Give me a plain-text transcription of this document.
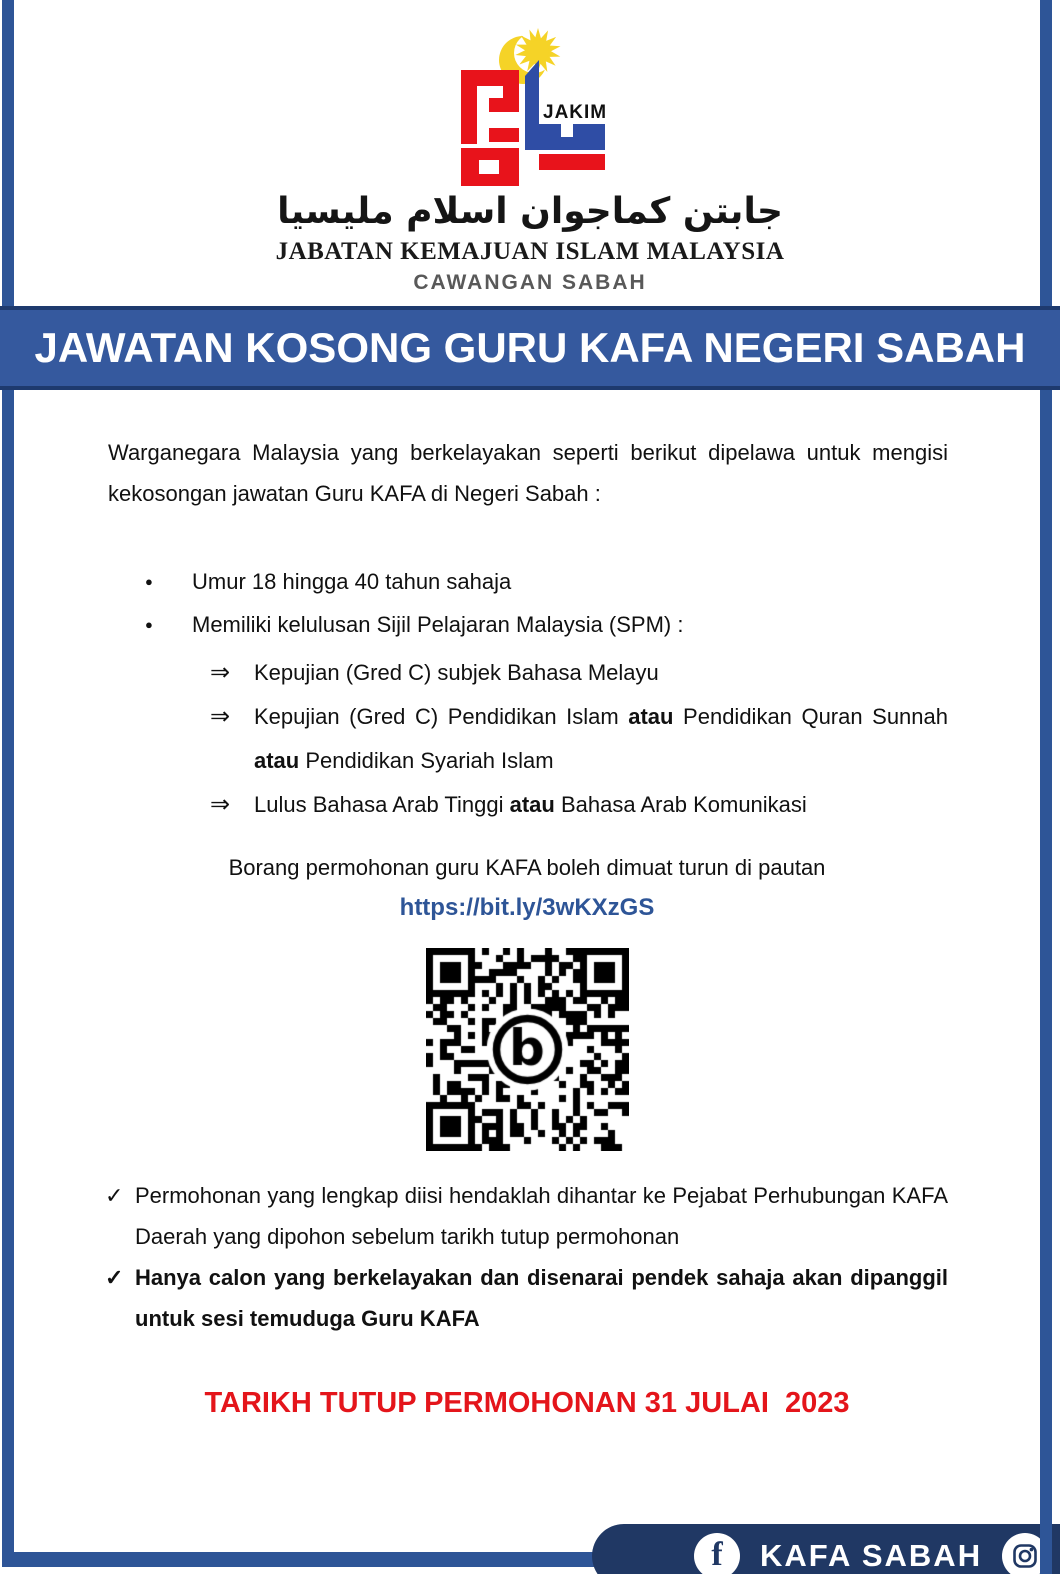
JAKIM
جابتن كماجوان اسلام مليسيا
JABATAN KEMAJUAN ISLAM MALAYSIA
CAWANGAN SABAH
JAWATAN KOSONG GURU KAFA NEGERI SABAH

Warganegara Malaysia yang berkelayakan seperti berikut dipelawa untuk mengisi kekosongan jawatan Guru KAFA di Negeri Sabah :

● Umur 18 hingga 40 tahun sahaja
● Memiliki kelulusan Sijil Pelajaran Malaysia (SPM) :
⇒ Kepujian (Gred C) subjek Bahasa Melayu
⇒ Kepujian (Gred C) Pendidikan Islam atau Pendidikan Quran Sunnah atau Pendidikan Syariah Islam
⇒ Lulus Bahasa Arab Tinggi atau Bahasa Arab Komunikasi
Borang permohonan guru KAFA boleh dimuat turun di pautan
https://bit.ly/3wKXzGS
✓ Permohonan yang lengkap diisi hendaklah dihantar ke Pejabat Perhubungan KAFA Daerah yang dipohon sebelum tarikh tutup permohonan
✓ Hanya calon yang berkelayakan dan disenarai pendek sahaja akan dipanggil untuk sesi temuduga Guru KAFA
TARIKH TUTUP PERMOHONAN 31 JULAI  2023
f KAFA SABAH
